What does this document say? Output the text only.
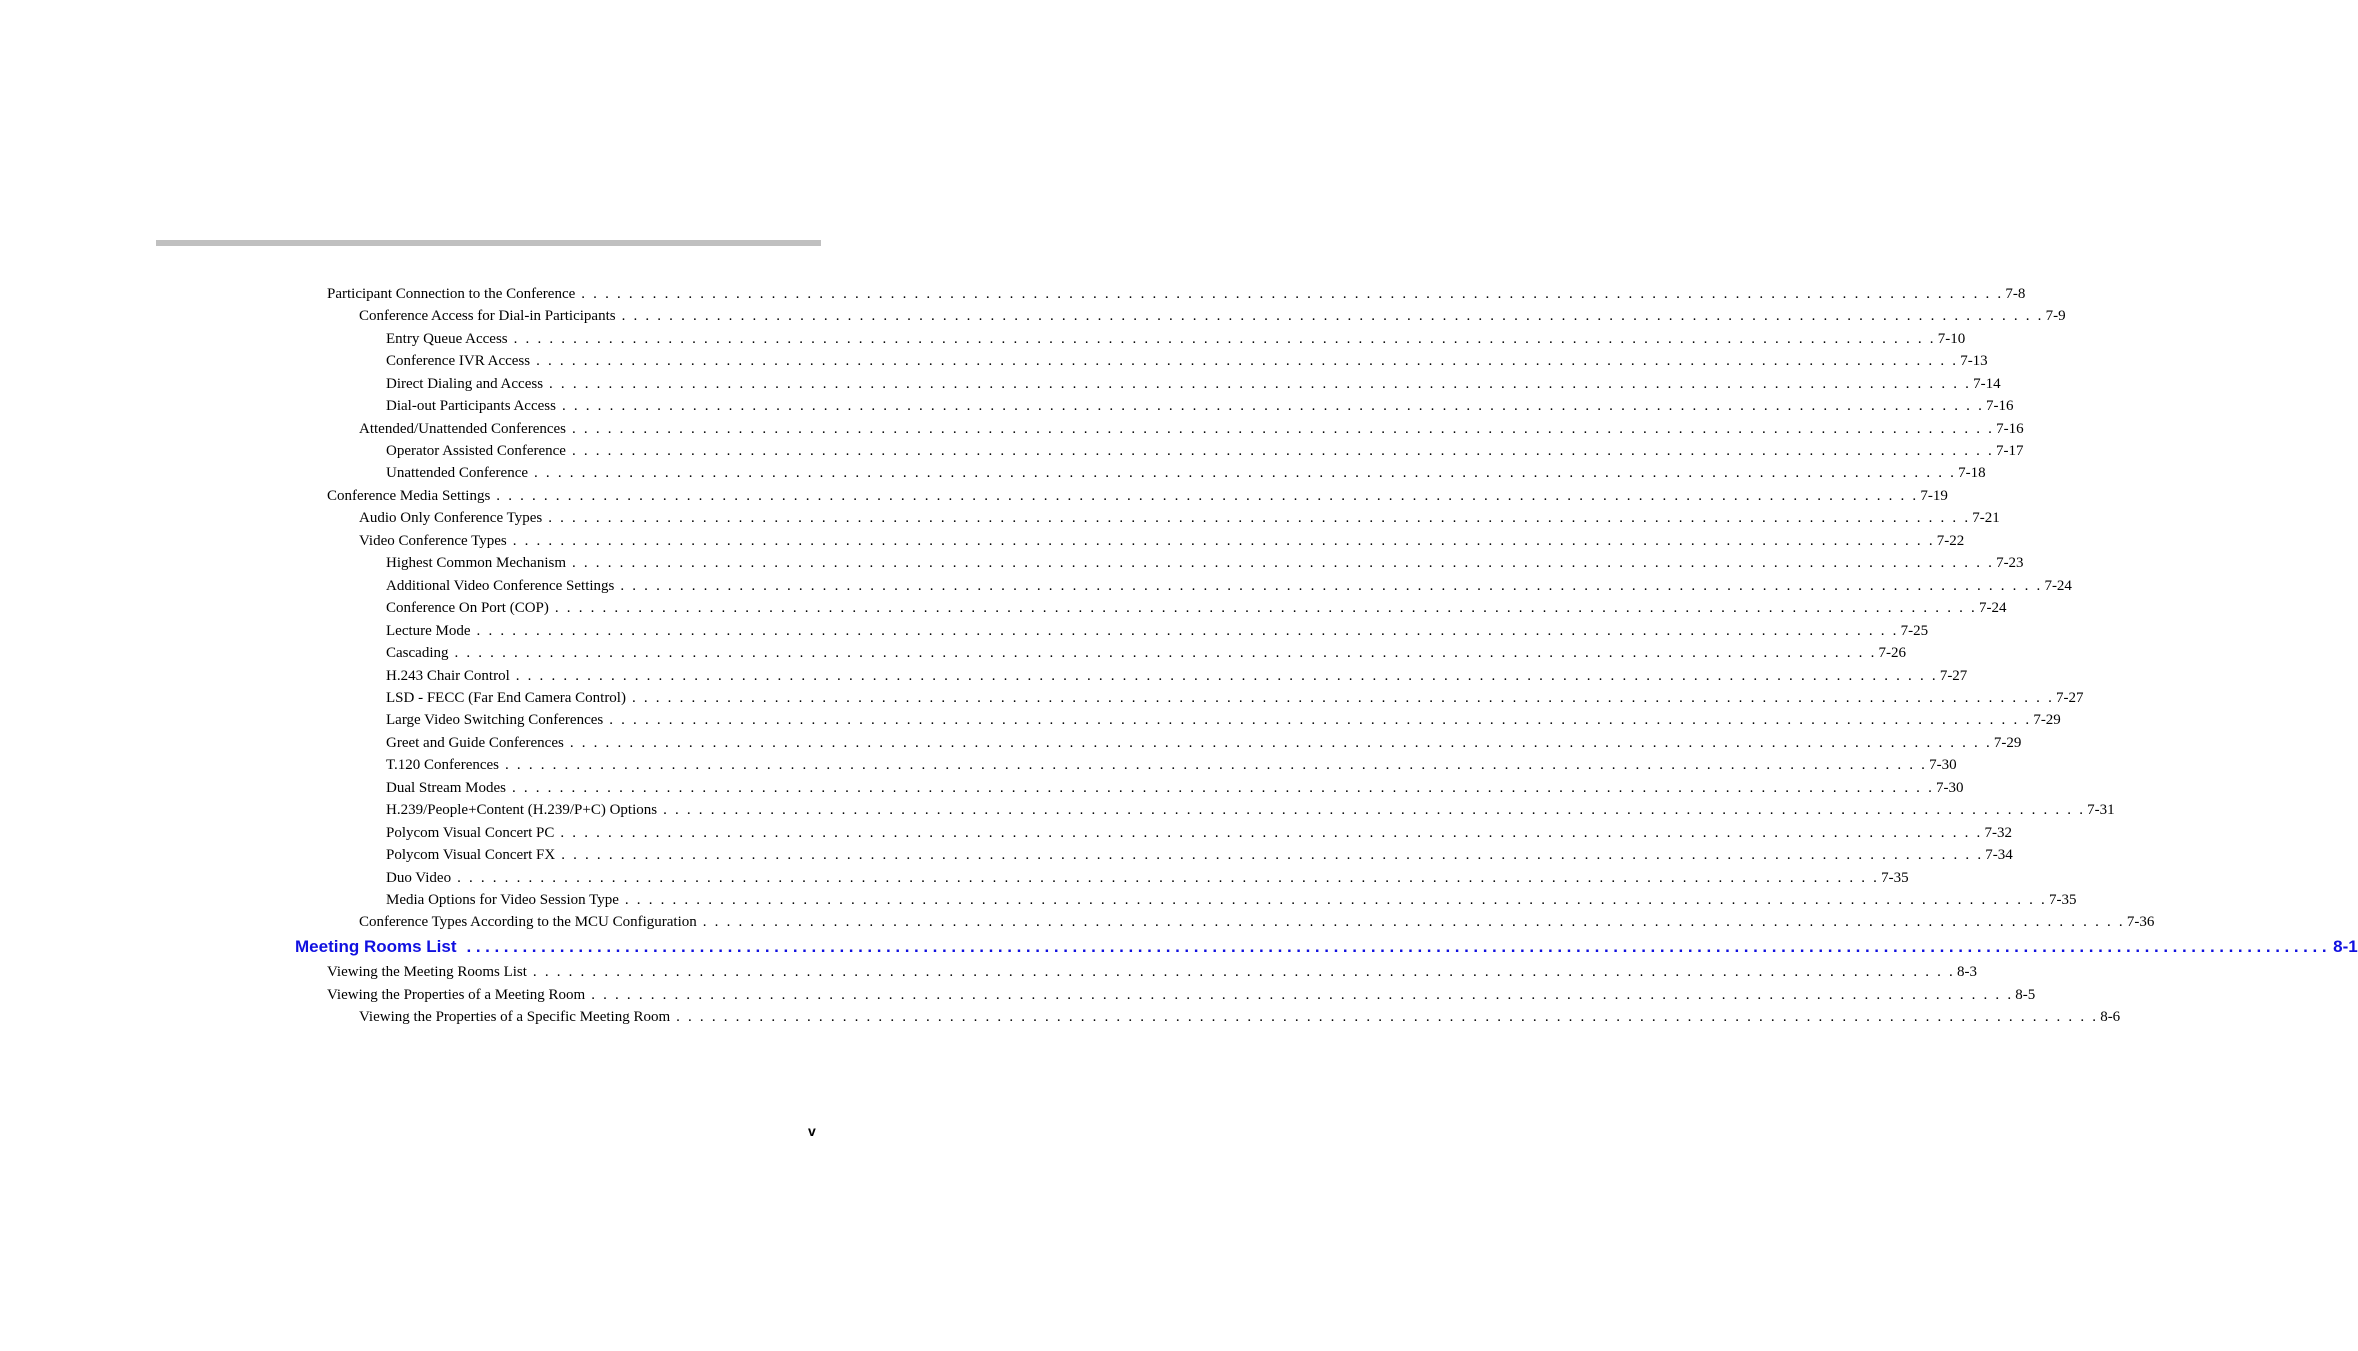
Participant Connection to the Conference . . . . . . . . . . . . . . . . . . . . . . . . . . . . . . . . . . . . . . . . . . . . . . . . . . . . . . . . . . . . . . . . . . . . . . . . . . . . . . . . . . . . . . . . . . . . . . . . . . . . . . . . . . . . . . . . . . . . . . . . 7-8
Conference Access for Dial-in Participants . . . . . . . . . . . . . . . . . . . . . . . . . . . . . . . . . . . . . . . . . . . . . . . . . . . . . . . . . . . . . . . . . . . . . . . . . . . . . . . . . . . . . . . . . . . . . . . . . . . . . . . . . . . . . . . . . . . . . . . . 7-9
Entry Queue Access . . . . . . . . . . . . . . . . . . . . . . . . . . . . . . . . . . . . . . . . . . . . . . . . . . . . . . . . . . . . . . . . . . . . . . . . . . . . . . . . . . . . . . . . . . . . . . . . . . . . . . . . . . . . . . . . . . . . . . . . 7-10
Conference IVR Access . . . . . . . . . . . . . . . . . . . . . . . . . . . . . . . . . . . . . . . . . . . . . . . . . . . . . . . . . . . . . . . . . . . . . . . . . . . . . . . . . . . . . . . . . . . . . . . . . . . . . . . . . . . . . . . . . . . . . . . . 7-13
Direct Dialing and Access . . . . . . . . . . . . . . . . . . . . . . . . . . . . . . . . . . . . . . . . . . . . . . . . . . . . . . . . . . . . . . . . . . . . . . . . . . . . . . . . . . . . . . . . . . . . . . . . . . . . . . . . . . . . . . . . . . . . . . . . 7-14
Dial-out Participants Access . . . . . . . . . . . . . . . . . . . . . . . . . . . . . . . . . . . . . . . . . . . . . . . . . . . . . . . . . . . . . . . . . . . . . . . . . . . . . . . . . . . . . . . . . . . . . . . . . . . . . . . . . . . . . . . . . . . . . . . . 7-16
Attended/Unattended Conferences . . . . . . . . . . . . . . . . . . . . . . . . . . . . . . . . . . . . . . . . . . . . . . . . . . . . . . . . . . . . . . . . . . . . . . . . . . . . . . . . . . . . . . . . . . . . . . . . . . . . . . . . . . . . . . . . . . . . . . . . 7-16
Operator Assisted Conference . . . . . . . . . . . . . . . . . . . . . . . . . . . . . . . . . . . . . . . . . . . . . . . . . . . . . . . . . . . . . . . . . . . . . . . . . . . . . . . . . . . . . . . . . . . . . . . . . . . . . . . . . . . . . . . . . . . . . . . . 7-17
Unattended Conference . . . . . . . . . . . . . . . . . . . . . . . . . . . . . . . . . . . . . . . . . . . . . . . . . . . . . . . . . . . . . . . . . . . . . . . . . . . . . . . . . . . . . . . . . . . . . . . . . . . . . . . . . . . . . . . . . . . . . . . . 7-18
Conference Media Settings . . . . . . . . . . . . . . . . . . . . . . . . . . . . . . . . . . . . . . . . . . . . . . . . . . . . . . . . . . . . . . . . . . . . . . . . . . . . . . . . . . . . . . . . . . . . . . . . . . . . . . . . . . . . . . . . . . . . . . . . 7-19
Audio Only Conference Types . . . . . . . . . . . . . . . . . . . . . . . . . . . . . . . . . . . . . . . . . . . . . . . . . . . . . . . . . . . . . . . . . . . . . . . . . . . . . . . . . . . . . . . . . . . . . . . . . . . . . . . . . . . . . . . . . . . . . . . . 7-21
Video Conference Types . . . . . . . . . . . . . . . . . . . . . . . . . . . . . . . . . . . . . . . . . . . . . . . . . . . . . . . . . . . . . . . . . . . . . . . . . . . . . . . . . . . . . . . . . . . . . . . . . . . . . . . . . . . . . . . . . . . . . . . . 7-22
Highest Common Mechanism . . . . . . . . . . . . . . . . . . . . . . . . . . . . . . . . . . . . . . . . . . . . . . . . . . . . . . . . . . . . . . . . . . . . . . . . . . . . . . . . . . . . . . . . . . . . . . . . . . . . . . . . . . . . . . . . . . . . . . . . 7-23
Additional Video Conference Settings . . . . . . . . . . . . . . . . . . . . . . . . . . . . . . . . . . . . . . . . . . . . . . . . . . . . . . . . . . . . . . . . . . . . . . . . . . . . . . . . . . . . . . . . . . . . . . . . . . . . . . . . . . . . . . . . . . . . . . . . 7-24
Conference On Port (COP) . . . . . . . . . . . . . . . . . . . . . . . . . . . . . . . . . . . . . . . . . . . . . . . . . . . . . . . . . . . . . . . . . . . . . . . . . . . . . . . . . . . . . . . . . . . . . . . . . . . . . . . . . . . . . . . . . . . . . . . . 7-24
Lecture Mode . . . . . . . . . . . . . . . . . . . . . . . . . . . . . . . . . . . . . . . . . . . . . . . . . . . . . . . . . . . . . . . . . . . . . . . . . . . . . . . . . . . . . . . . . . . . . . . . . . . . . . . . . . . . . . . . . . . . . . . . 7-25
Cascading . . . . . . . . . . . . . . . . . . . . . . . . . . . . . . . . . . . . . . . . . . . . . . . . . . . . . . . . . . . . . . . . . . . . . . . . . . . . . . . . . . . . . . . . . . . . . . . . . . . . . . . . . . . . . . . . . . . . . . . . 7-26
H.243 Chair Control . . . . . . . . . . . . . . . . . . . . . . . . . . . . . . . . . . . . . . . . . . . . . . . . . . . . . . . . . . . . . . . . . . . . . . . . . . . . . . . . . . . . . . . . . . . . . . . . . . . . . . . . . . . . . . . . . . . . . . . . 7-27
LSD - FECC (Far End Camera Control) . . . . . . . . . . . . . . . . . . . . . . . . . . . . . . . . . . . . . . . . . . . . . . . . . . . . . . . . . . . . . . . . . . . . . . . . . . . . . . . . . . . . . . . . . . . . . . . . . . . . . . . . . . . . . . . . . . . . . . . . 7-27
Large Video Switching Conferences . . . . . . . . . . . . . . . . . . . . . . . . . . . . . . . . . . . . . . . . . . . . . . . . . . . . . . . . . . . . . . . . . . . . . . . . . . . . . . . . . . . . . . . . . . . . . . . . . . . . . . . . . . . . . . . . . . . . . . . . 7-29
Greet and Guide Conferences . . . . . . . . . . . . . . . . . . . . . . . . . . . . . . . . . . . . . . . . . . . . . . . . . . . . . . . . . . . . . . . . . . . . . . . . . . . . . . . . . . . . . . . . . . . . . . . . . . . . . . . . . . . . . . . . . . . . . . . . 7-29
T.120 Conferences . . . . . . . . . . . . . . . . . . . . . . . . . . . . . . . . . . . . . . . . . . . . . . . . . . . . . . . . . . . . . . . . . . . . . . . . . . . . . . . . . . . . . . . . . . . . . . . . . . . . . . . . . . . . . . . . . . . . . . . . 7-30
Dual Stream Modes . . . . . . . . . . . . . . . . . . . . . . . . . . . . . . . . . . . . . . . . . . . . . . . . . . . . . . . . . . . . . . . . . . . . . . . . . . . . . . . . . . . . . . . . . . . . . . . . . . . . . . . . . . . . . . . . . . . . . . . . 7-30
H.239/People+Content (H.239/P+C) Options . . . . . . . . . . . . . . . . . . . . . . . . . . . . . . . . . . . . . . . . . . . . . . . . . . . . . . . . . . . . . . . . . . . . . . . . . . . . . . . . . . . . . . . . . . . . . . . . . . . . . . . . . . . . . . . . . . . . . . . . 7-31
Polycom Visual Concert PC . . . . . . . . . . . . . . . . . . . . . . . . . . . . . . . . . . . . . . . . . . . . . . . . . . . . . . . . . . . . . . . . . . . . . . . . . . . . . . . . . . . . . . . . . . . . . . . . . . . . . . . . . . . . . . . . . . . . . . . . 7-32
Polycom Visual Concert FX . . . . . . . . . . . . . . . . . . . . . . . . . . . . . . . . . . . . . . . . . . . . . . . . . . . . . . . . . . . . . . . . . . . . . . . . . . . . . . . . . . . . . . . . . . . . . . . . . . . . . . . . . . . . . . . . . . . . . . . . 7-34
Duo Video . . . . . . . . . . . . . . . . . . . . . . . . . . . . . . . . . . . . . . . . . . . . . . . . . . . . . . . . . . . . . . . . . . . . . . . . . . . . . . . . . . . . . . . . . . . . . . . . . . . . . . . . . . . . . . . . . . . . . . . . 7-35
Media Options for Video Session Type . . . . . . . . . . . . . . . . . . . . . . . . . . . . . . . . . . . . . . . . . . . . . . . . . . . . . . . . . . . . . . . . . . . . . . . . . . . . . . . . . . . . . . . . . . . . . . . . . . . . . . . . . . . . . . . . . . . . . . . . 7-35
Conference Types According to the MCU Configuration . . . . . . . . . . . . . . . . . . . . . . . . . . . . . . . . . . . . . . . . . . . . . . . . . . . . . . . . . . . . . . . . . . . . . . . . . . . . . . . . . . . . . . . . . . . . . . . . . . . . . . . . . . . . . . . . . . . . . . . . 7-36
Meeting Rooms List ........................................................................................................................................................................................................ 8-1
Viewing the Meeting Rooms List . . . . . . . . . . . . . . . . . . . . . . . . . . . . . . . . . . . . . . . . . . . . . . . . . . . . . . . . . . . . . . . . . . . . . . . . . . . . . . . . . . . . . . . . . . . . . . . . . . . . . . . . . . . . . . . . . . . . . . . . 8-3
Viewing the Properties of a Meeting Room . . . . . . . . . . . . . . . . . . . . . . . . . . . . . . . . . . . . . . . . . . . . . . . . . . . . . . . . . . . . . . . . . . . . . . . . . . . . . . . . . . . . . . . . . . . . . . . . . . . . . . . . . . . . . . . . . . . . . . . . 8-5
Viewing the Properties of a Specific Meeting Room . . . . . . . . . . . . . . . . . . . . . . . . . . . . . . . . . . . . . . . . . . . . . . . . . . . . . . . . . . . . . . . . . . . . . . . . . . . . . . . . . . . . . . . . . . . . . . . . . . . . . . . . . . . . . . . . . . . . . . . . 8-6
v
